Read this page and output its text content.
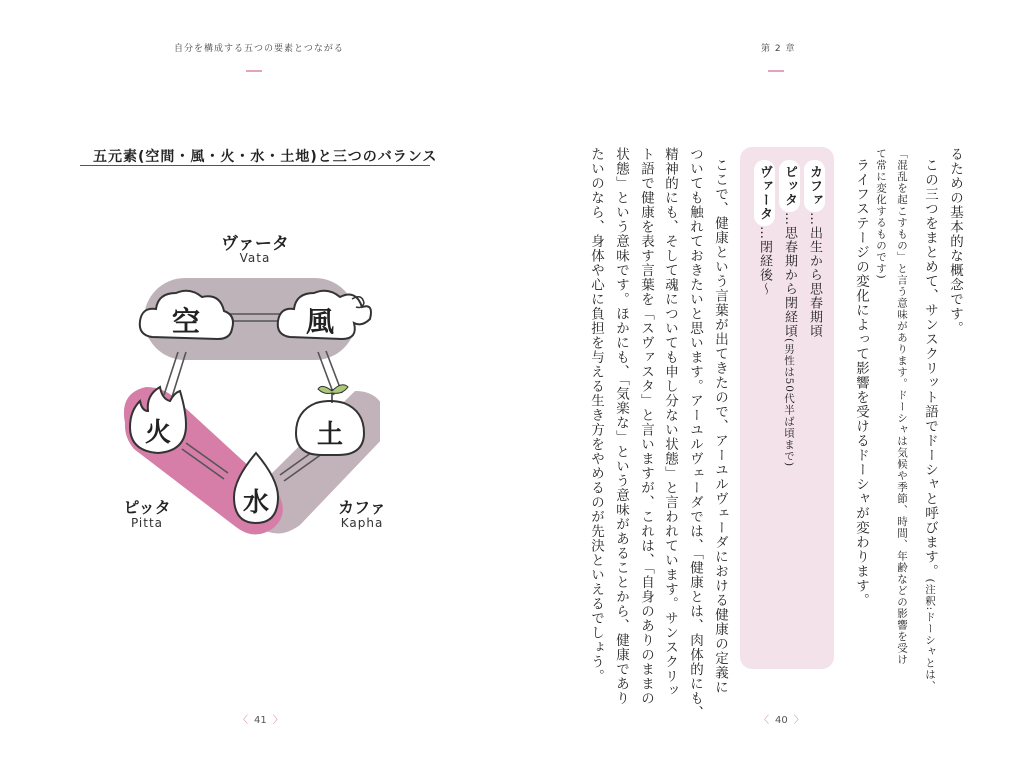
自分を構成する五つの要素とつながる
五元素(空間・風・火・水・土地)と三つのバランス
ヴァータ
Vata
空	風
火	土
水
ピッタ
Pitta
カファ
Kapha
〈 41 〉
第 2 章
〈 40 〉
るための基本的な概念です。
この三つをまとめて、サンスクリット語でドーシャと呼びます。(注釈:ドーシャとは、
「混乱を起こすもの」と言う意味があります。ドーシャは気候や季節、時間、年齢などの影響を受け
て常に変化するものです)
ライフステージの変化によって影響を受けるドーシャが変わります。
カファ…出生から思春期頃
ピッタ…思春期から閉経頃(男性は50代半ば頃まで)
ヴァータ…閉経後〜
ここで、健康という言葉が出てきたので、アーユルヴェーダにおける健康の定義に
ついても触れておきたいと思います。アーユルヴェーダでは、「健康とは、肉体的にも、
精神的にも、そして魂についても申し分ない状態」と言われています。サンスクリッ
ト語で健康を表す言葉を「スヴァスタ」と言いますが、これは、「自身のありのままの
状態」という意味です。ほかにも、「気楽な」という意味があることから、健康であり
たいのなら、身体や心に負担を与える生き方をやめるのが先決といえるでしょう。
